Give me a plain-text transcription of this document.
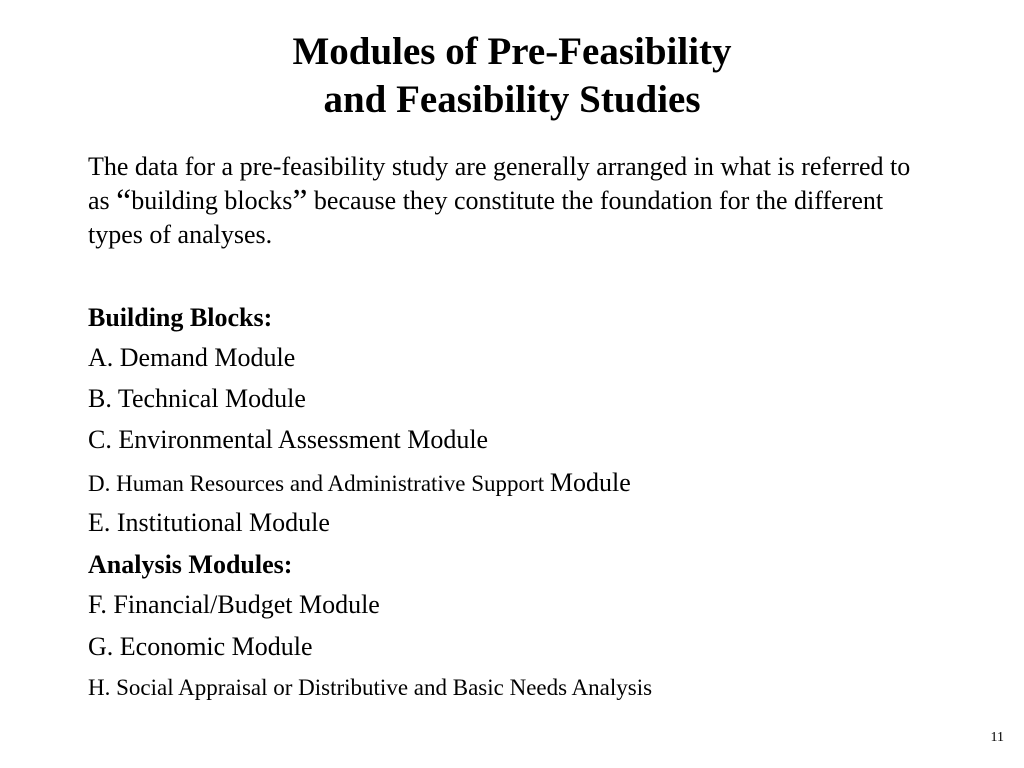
Modules of Pre-Feasibility
and Feasibility Studies

The data for a pre-feasibility study are generally arranged in what is referred to as “building blocks” because they constitute the foundation for the different types of analyses.

Building Blocks:

A. Demand Module

B. Technical Module

C. Environmental Assessment Module

D. Human Resources and Administrative Support Module

E. Institutional Module

Analysis Modules:

F. Financial/Budget Module

G. Economic Module

H. Social Appraisal or Distributive and Basic Needs Analysis

11
